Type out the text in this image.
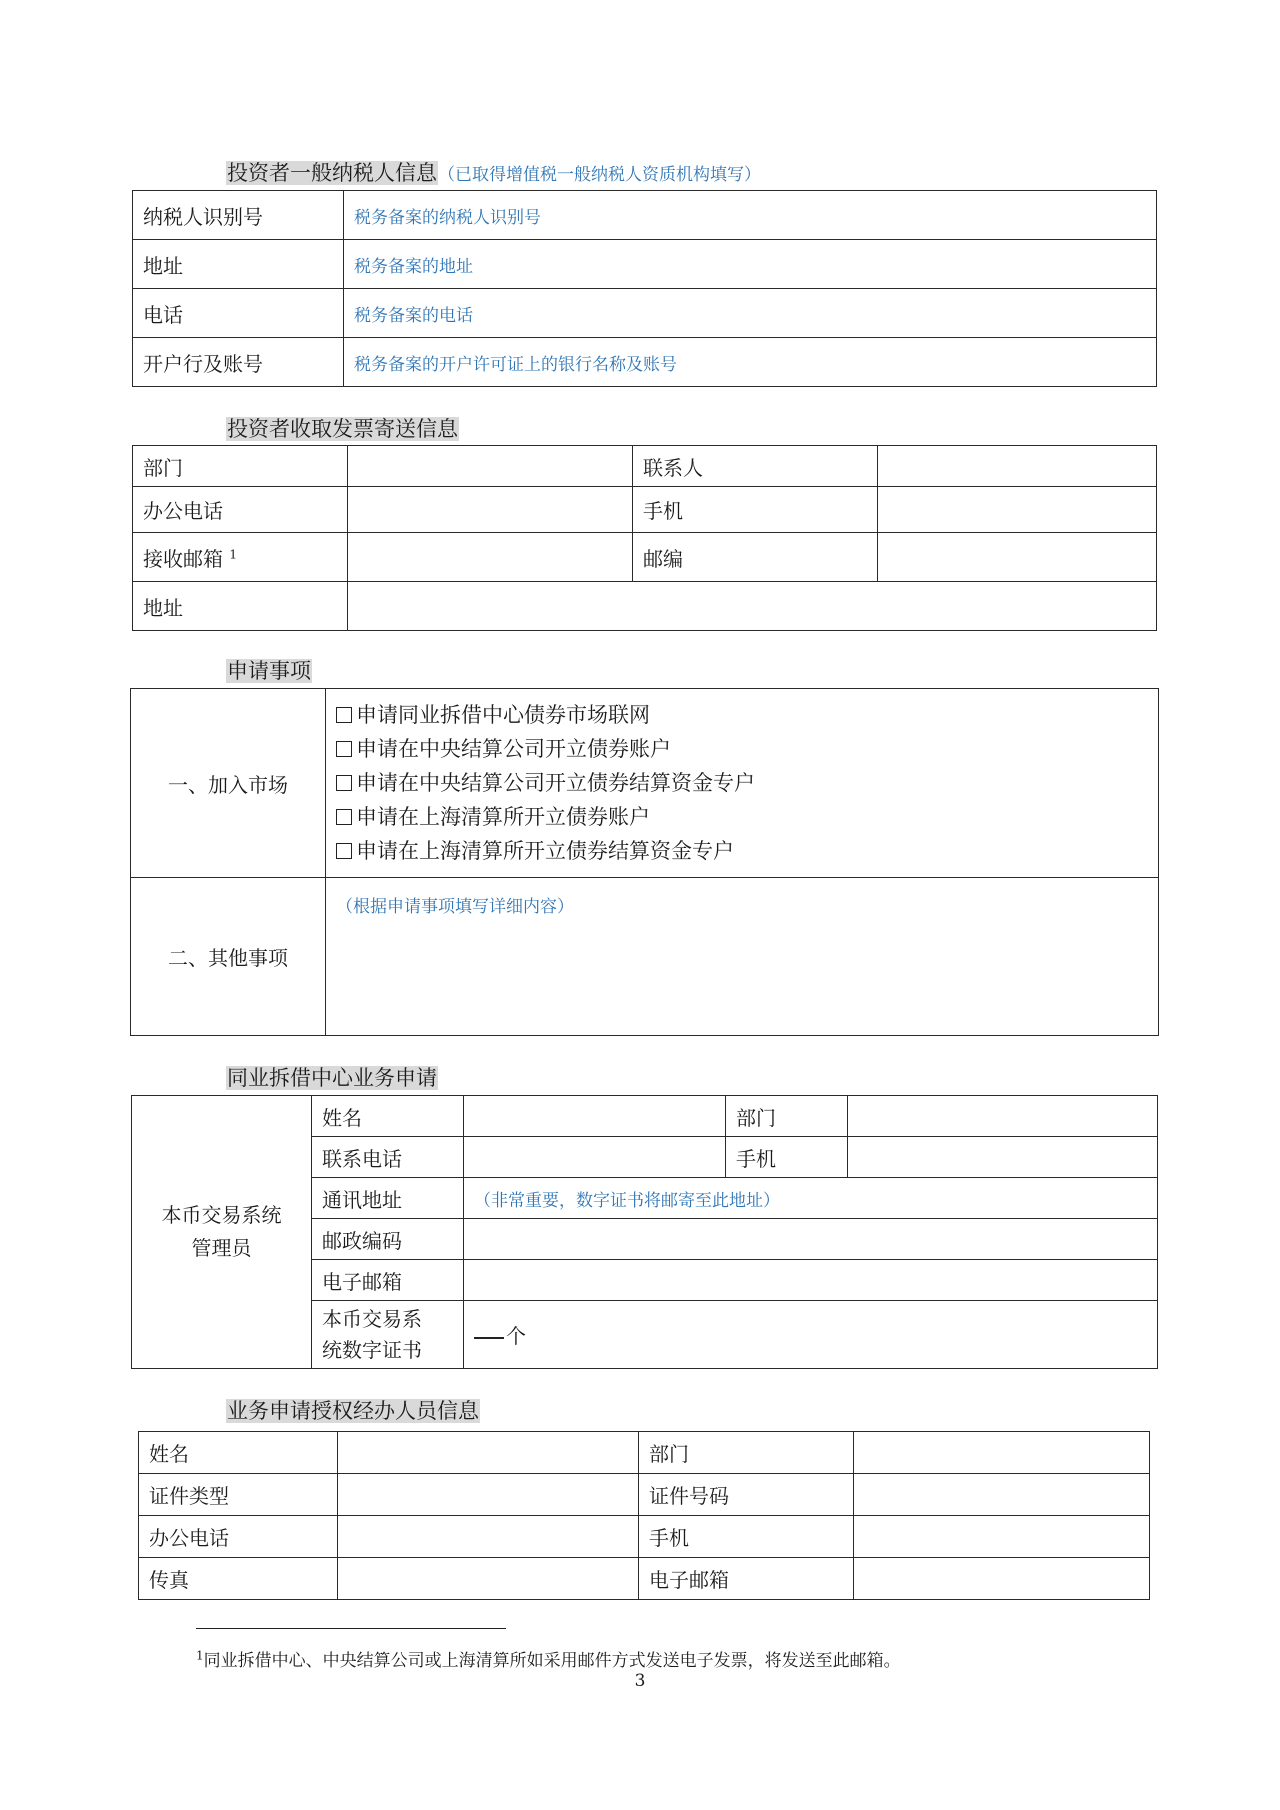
投资者一般纳税人信息（已取得增值税一般纳税人资质机构填写）
纳税人识别号	税务备案的纳税人识别号
地址	税务备案的地址
电话	税务备案的电话
开户行及账号	税务备案的开户许可证上的银行名称及账号
投资者收取发票寄送信息
部门		联系人	
办公电话		手机	
接收邮箱 $^1$		邮编	
地址			
申请事项
一、加入市场	申请同业拆借中心债券市场联网
申请在中央结算公司开立债券账户
申请在中央结算公司开立债券结算资金专户
申请在上海清算所开立债券账户
申请在上海清算所开立债券结算资金专户

二、其他事项	（根据申请事项填写详细内容）
同业拆借中心业务申请
本币交易系统
管理员	姓名		部门	
	联系电话		手机	
	通讯地址	（非常重要，数字证书将邮寄至此地址）		
	邮政编码			
	电子邮箱			
	本币交易系
统数字证书	个		
业务申请授权经办人员信息
姓名		部门	
证件类型		证件号码	
办公电话		手机	
传真		电子邮箱	
$^1$同业拆借中心、中央结算公司或上海清算所如采用邮件方式发送电子发票，将发送至此邮箱。
3
